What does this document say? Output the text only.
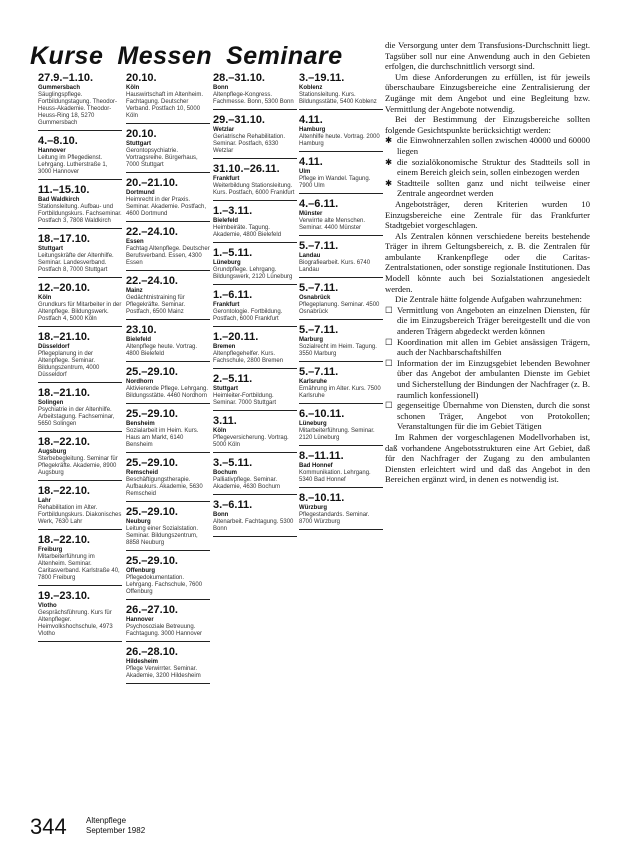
Kurse Messen Seminare
27.9.–1.10.
Gummersbach
Säuglingspflege. Fortbildungstagung. Theodor-Heuss-Akademie. Theodor-Heuss-Ring 18, 5270 Gummersbach
4.–8.10.
Hannover
Leitung im Pflegedienst. Lehrgang. Lutherstraße 1, 3000 Hannover
11.–15.10.
Bad Waldkirch
Stationsleitung. Aufbau- und Fortbildungskurs. Fachseminar. Postfach 3, 7808 Waldkirch
18.–17.10.
Stuttgart
Leitungskräfte der Altenhilfe. Seminar. Landesverband. Postfach 8, 7000 Stuttgart
12.–20.10.
Köln
Grundkurs für Mitarbeiter in der Altenpflege. Bildungswerk. Postfach 4, 5000 Köln
18.–21.10.
Düsseldorf
Pflegeplanung in der Altenpflege. Seminar. Bildungszentrum, 4000 Düsseldorf
18.–21.10.
Solingen
Psychiatrie in der Altenhilfe. Arbeitstagung. Fachseminar, 5650 Solingen
18.–22.10.
Augsburg
Sterbebegleitung. Seminar für Pflegekräfte. Akademie, 8900 Augsburg
18.–22.10.
Lahr
Rehabilitation im Alter. Fortbildungskurs. Diakonisches Werk, 7630 Lahr
18.–22.10.
Freiburg
Mitarbeiterführung im Altenheim. Seminar. Caritasverband. Karlstraße 40, 7800 Freiburg
19.–23.10.
Vlotho
Gesprächsführung. Kurs für Altenpfleger. Heimvolkshochschule, 4973 Vlotho
20.10.
Köln
Hauswirtschaft im Altenheim. Fachtagung. Deutscher Verband. Postfach 10, 5000 Köln
20.10.
Stuttgart
Gerontopsychiatrie. Vortragsreihe. Bürgerhaus, 7000 Stuttgart
20.–21.10.
Dortmund
Heimrecht in der Praxis. Seminar. Akademie. Postfach, 4600 Dortmund
22.–24.10.
Essen
Fachtag Altenpflege. Deutscher Berufsverband. Essen, 4300 Essen
22.–24.10.
Mainz
Gedächtnistraining für Pflegekräfte. Seminar. Postfach, 6500 Mainz
23.10.
Bielefeld
Altenpflege heute. Vortrag. 4800 Bielefeld
25.–29.10.
Nordhorn
Aktivierende Pflege. Lehrgang. Bildungsstätte. 4460 Nordhorn
25.–29.10.
Bensheim
Sozialarbeit im Heim. Kurs. Haus am Markt, 6140 Bensheim
25.–29.10.
Remscheid
Beschäftigungstherapie. Aufbaukurs. Akademie, 5630 Remscheid
25.–29.10.
Neuburg
Leitung einer Sozialstation. Seminar. Bildungszentrum, 8858 Neuburg
25.–29.10.
Offenburg
Pflegedokumentation. Lehrgang. Fachschule, 7600 Offenburg
26.–27.10.
Hannover
Psychosoziale Betreuung. Fachtagung. 3000 Hannover
26.–28.10.
Hildesheim
Pflege Verwirrter. Seminar. Akademie, 3200 Hildesheim
28.–31.10.
Bonn
Altenpflege-Kongress. Fachmesse. Bonn, 5300 Bonn
29.–31.10.
Wetzlar
Geriatrische Rehabilitation. Seminar. Postfach, 6330 Wetzlar
31.10.–26.11.
Frankfurt
Weiterbildung Stationsleitung. Kurs. Postfach, 6000 Frankfurt
1.–3.11.
Bielefeld
Heimbeiräte. Tagung. Akademie, 4800 Bielefeld
1.–5.11.
Lüneburg
Grundpflege. Lehrgang. Bildungswerk, 2120 Lüneburg
1.–6.11.
Frankfurt
Gerontologie. Fortbildung. Postfach, 6000 Frankfurt
1.–20.11.
Bremen
Altenpflegehelfer. Kurs. Fachschule, 2800 Bremen
2.–5.11.
Stuttgart
Heimleiter-Fortbildung. Seminar. 7000 Stuttgart
3.11.
Köln
Pflegeversicherung. Vortrag. 5000 Köln
3.–5.11.
Bochum
Palliativpflege. Seminar. Akademie, 4630 Bochum
3.–6.11.
Bonn
Altenarbeit. Fachtagung. 5300 Bonn
3.–19.11.
Koblenz
Stationsleitung. Kurs. Bildungsstätte, 5400 Koblenz
4.11.
Hamburg
Altenhilfe heute. Vortrag. 2000 Hamburg
4.11.
Ulm
Pflege im Wandel. Tagung. 7900 Ulm
4.–6.11.
Münster
Verwirrte alte Menschen. Seminar. 4400 Münster
5.–7.11.
Landau
Biografiearbeit. Kurs. 6740 Landau
5.–7.11.
Osnabrück
Pflegeplanung. Seminar. 4500 Osnabrück
5.–7.11.
Marburg
Sozialrecht im Heim. Tagung. 3550 Marburg
5.–7.11.
Karlsruhe
Ernährung im Alter. Kurs. 7500 Karlsruhe
6.–10.11.
Lüneburg
Mitarbeiterführung. Seminar. 2120 Lüneburg
8.–11.11.
Bad Honnef
Kommunikation. Lehrgang. 5340 Bad Honnef
8.–10.11.
Würzburg
Pflegestandards. Seminar. 8700 Würzburg

die Versorgung unter dem Transfusions-Durchschnitt liegt. Tagsüber soll nur eine Anwendung auch in den Gebieten erfolgen, die durchschnittlich versorgt sind.

Um diese Anforderungen zu erfüllen, ist für jeweils überschaubare Einzugsbereiche eine Zentralisierung der Zugänge mit dem Angebot und eine Begleitung bzw. Vermittlung der Angebote notwendig.

Bei der Bestimmung der Einzugsbereiche sollten folgende Gesichtspunkte berücksichtigt werden:

✱ die Einwohnerzahlen sollen zwischen 40000 und 60000 liegen
✱ die sozialökonomische Struktur des Stadtteils soll in einem Bereich gleich sein, sollen einbezogen werden
✱ Stadtteile sollten ganz und nicht teilweise einer Zentrale angeordnet werden

Angebotsträger, deren Kriterien wurden 10 Einzugsbereiche eine Zentrale für das Frankfurter Stadtgebiet vorgeschlagen.

Als Zentralen können verschiedene bereits bestehende Träger in ihrem Geltungsbereich, z. B. die Zentralen für ambulante Krankenpflege oder die Caritas-Zentralstationen, oder sonstige regionale Institutionen. Das Modell könnte auch bei Sozialstationen angesiedelt werden.

Die Zentrale hätte folgende Aufgaben wahrzunehmen:

☐ Vermittlung von Angeboten an einzelnen Diensten, für die im Einzugsbereich Träger bereitgestellt und die von anderen Trägern abgedeckt werden können
☐ Koordination mit allen im Gebiet ansässigen Trägern, auch der Nachbarschaftshilfen
☐ Information der im Einzugsgebiet lebenden Bewohner über das Angebot der ambulanten Dienste im Gebiet und Sicherstellung der Bindungen der Nachfrager (z. B. raumlich konfessionell)
☐ gegenseitige Übernahme von Diensten, durch die sonst schonen Träger, Angebot von Protokollen; Veranstaltungen für die im Gebiet Tätigen

Im Rahmen der vorgeschlagenen Modellvorhaben ist, daß vorhandene Angebotsstrukturen eine Art Gebiet, daß für den Nachfrager der Zugang zu den ambulanten Diensten erleichtert wird und daß das Angebot in den Bereichen ergänzt wird, in denen es notwendig ist.

344 Altenpflege
September 1982
